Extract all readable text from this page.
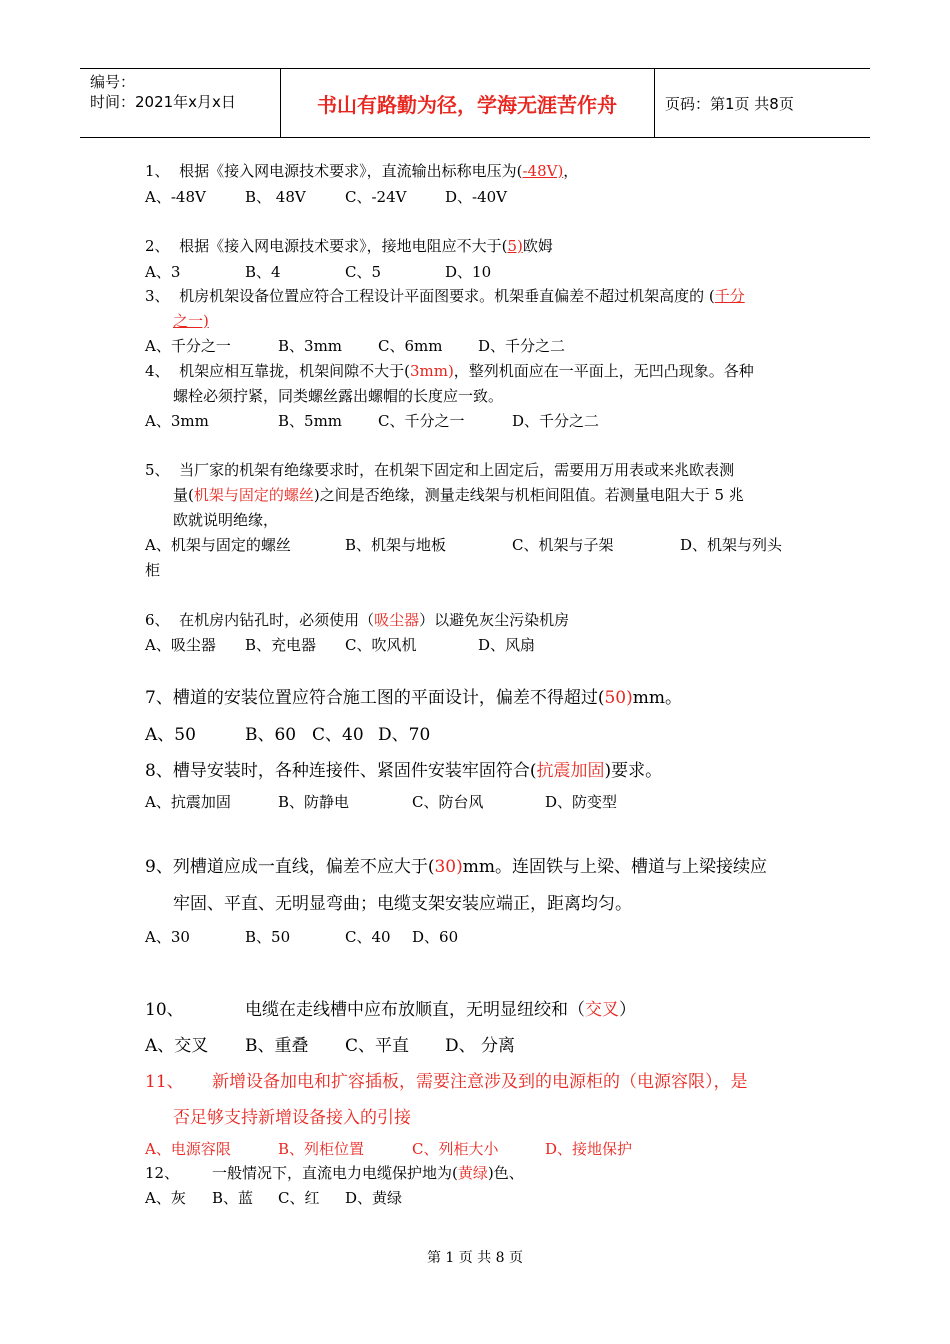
编号：
时间：2021年x月x日	书山有路勤为径，学海无涯苦作舟	页码：第1页 共8页
1、 根据《接入网电源技术要求》，直流输出标称电压为(-48V)，
A、-48V	B、 48V	C、-24V	D、-40V
2、 根据《接入网电源技术要求》，接地电阻应不大于(5)欧姆
A、3	B、4	C、5	D、10
3、 机房机架设备位置应符合工程设计平面图要求。机架垂直偏差不超过机架高度的 (千分
之一)
A、千分之一	B、3mm C、6mm D、千分之二
4、 机架应相互靠拢，机架间隙不大于(3mm)，整列机面应在一平面上，无凹凸现象。各种
螺栓必须拧紧，同类螺丝露出螺帽的长度应一致。
A、3mm	B、5mm C、千分之一	D、千分之二
5、 当厂家的机架有绝缘要求时，在机架下固定和上固定后，需要用万用表或来兆欧表测
量(机架与固定的螺丝)之间是否绝缘，测量走线架与机柜间阻值。若测量电阻大于 5 兆
欧就说明绝缘，
A、机架与固定的螺丝	B、机架与地板	C、机架与子架	D、机架与列头
柜
6、 在机房内钻孔时，必须使用（吸尘器）以避免灰尘污染机房
A、吸尘器 B、充电器 C、吹风机	D、风扇
7、槽道的安装位置应符合施工图的平面设计，偏差不得超过(50)mm。
A、50	B、60 C、40 D、70
8、槽导安装时，各种连接件、紧固件安装牢固符合(抗震加固)要求。
A、抗震加固	B、防静电	C、防台风	D、防变型
9、列槽道应成一直线，偏差不应大于(30)mm。连固铁与上梁、槽道与上梁接续应
牢固、平直、无明显弯曲；电缆支架安装应端正，距离均匀。
A、30	B、50	C、40 D、60
10、	电缆在走线槽中应布放顺直，无明显纽绞和（交叉）
A、交叉 B、重叠 C、平直 D、 分离
11、 新增设备加电和扩容插板，需要注意涉及到的电源柜的（电源容限），是
否足够支持新增设备接入的引接
A、电源容限	B、列柜位置	C、列柜大小	D、接地保护
12、 一般情况下，直流电力电缆保护地为(黄绿)色、
A、灰 B、蓝 C、红 D、黄绿
第 1 页 共 8 页
